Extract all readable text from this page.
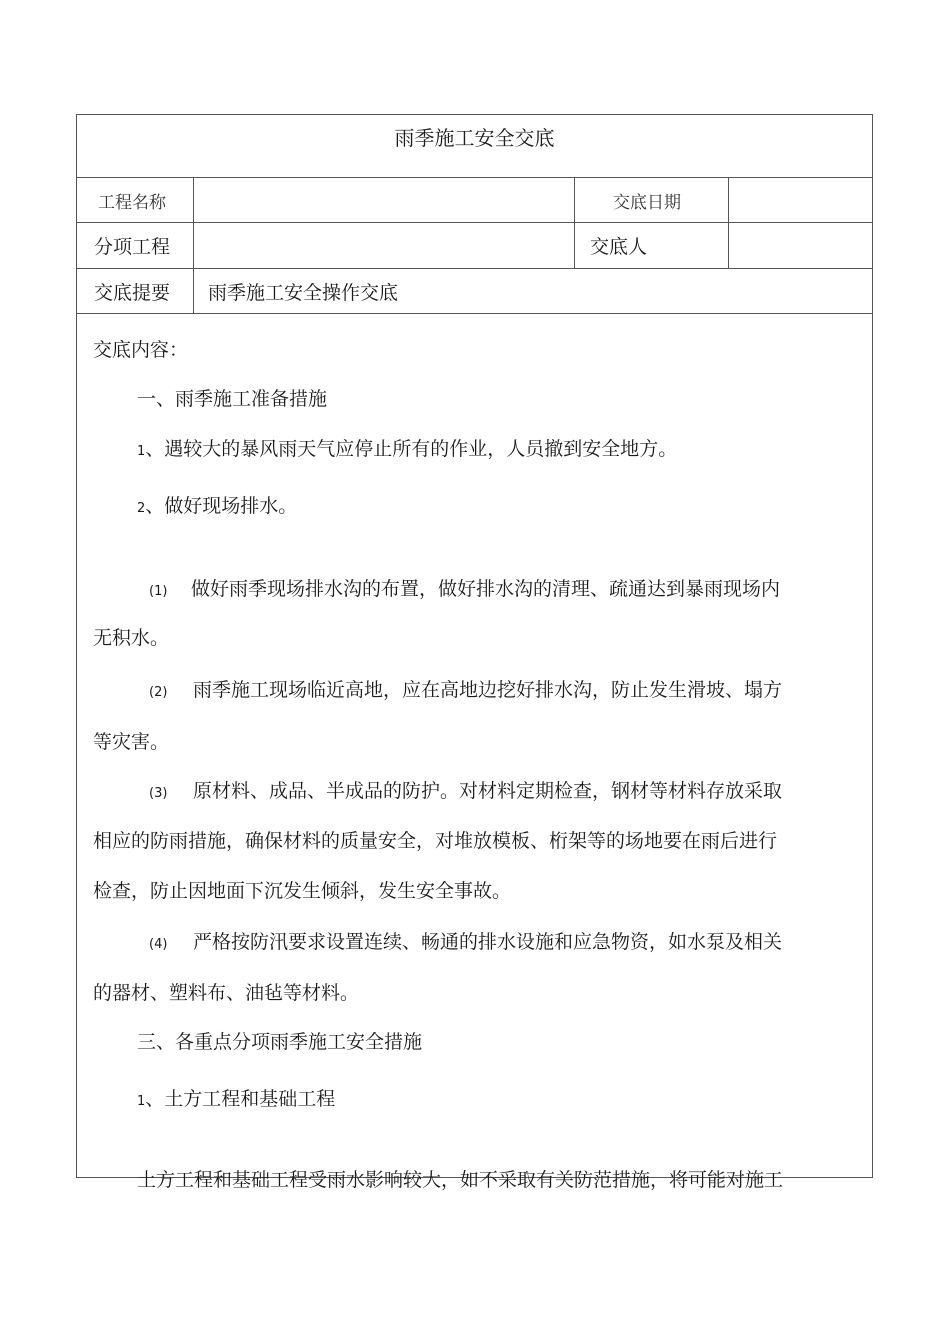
雨季施工安全交底
工程名称	交底日期
分项工程	交底人
交底提要 雨季施工安全操作交底
交底内容：
一、雨季施工准备措施
1、遇较大的暴风雨天气应停止所有的作业，人员撤到安全地方。
2、做好现场排水。
(1) 做好雨季现场排水沟的布置，做好排水沟的清理、疏通达到暴雨现场内
无积水。
(2) 雨季施工现场临近高地，应在高地边挖好排水沟，防止发生滑坡、塌方
等灾害。
(3) 原材料、成品、半成品的防护。对材料定期检查，钢材等材料存放采取
相应的防雨措施，确保材料的质量安全，对堆放模板、桁架等的场地要在雨后进行
检查，防止因地面下沉发生倾斜，发生安全事故。
(4) 严格按防汛要求设置连续、畅通的排水设施和应急物资，如水泵及相关
的器材、塑料布、油毡等材料。
三、各重点分项雨季施工安全措施
1、土方工程和基础工程
土方工程和基础工程受雨水影响较大，如不采取有关防范措施，将可能对施工
